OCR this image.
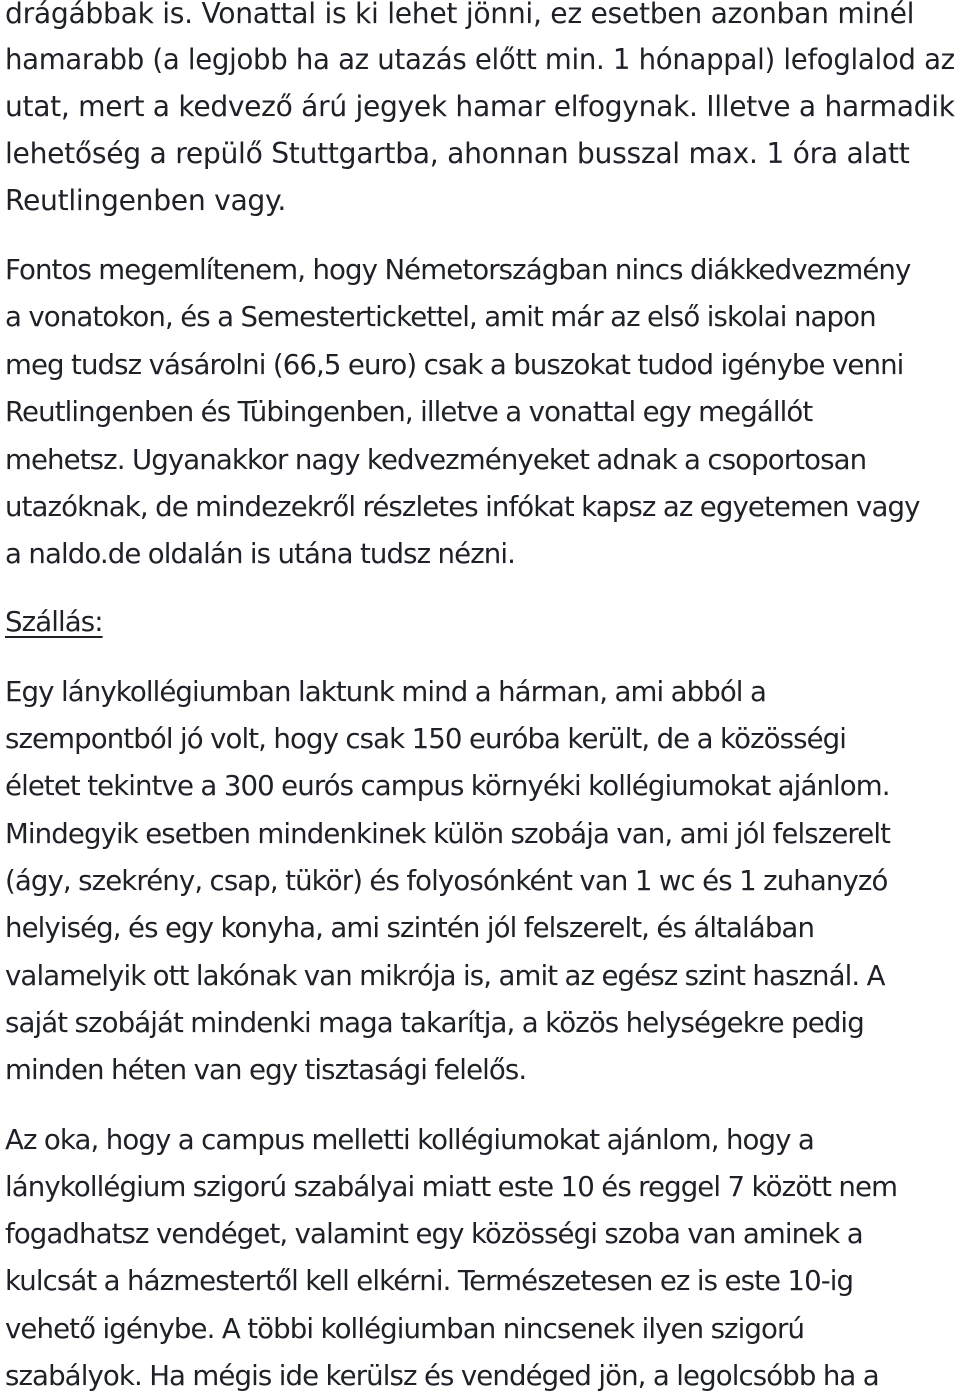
drágábbak is. Vonattal is ki lehet jönni, ez esetben azonban minél
hamarabb (a legjobb ha az utazás előtt min. 1 hónappal) lefoglalod az
utat, mert a kedvező árú jegyek hamar elfogynak. Illetve a harmadik
lehetőség a repülő Stuttgartba, ahonnan busszal max. 1 óra alatt
Reutlingenben vagy.
Fontos megemlítenem, hogy Németországban nincs diákkedvezmény
a vonatokon, és a Semestertickettel, amit már az első iskolai napon
meg tudsz vásárolni (66,5 euro) csak a buszokat tudod igénybe venni
Reutlingenben és Tübingenben, illetve a vonattal egy megállót
mehetsz. Ugyanakkor nagy kedvezményeket adnak a csoportosan
utazóknak, de mindezekről részletes infókat kapsz az egyetemen vagy
a naldo.de oldalán is utána tudsz nézni.
Szállás:
Egy lánykollégiumban laktunk mind a hárman, ami abból a
szempontból jó volt, hogy csak 150 euróba került, de a közösségi
életet tekintve a 300 eurós campus környéki kollégiumokat ajánlom.
Mindegyik esetben mindenkinek külön szobája van, ami jól felszerelt
(ágy, szekrény, csap, tükör) és folyosónként van 1 wc és 1 zuhanyzó
helyiség, és egy konyha, ami szintén jól felszerelt, és általában
valamelyik ott lakónak van mikrója is, amit az egész szint használ. A
saját szobáját mindenki maga takarítja, a közös helységekre pedig
minden héten van egy tisztasági felelős.
Az oka, hogy a campus melletti kollégiumokat ajánlom, hogy a
lánykollégium szigorú szabályai miatt este 10 és reggel 7 között nem
fogadhatsz vendéget, valamint egy közösségi szoba van aminek a
kulcsát a házmestertől kell elkérni. Természetesen ez is este 10-ig
vehető igénybe. A többi kollégiumban nincsenek ilyen szigorú
szabályok. Ha mégis ide kerülsz és vendéged jön, a legolcsóbb ha a
